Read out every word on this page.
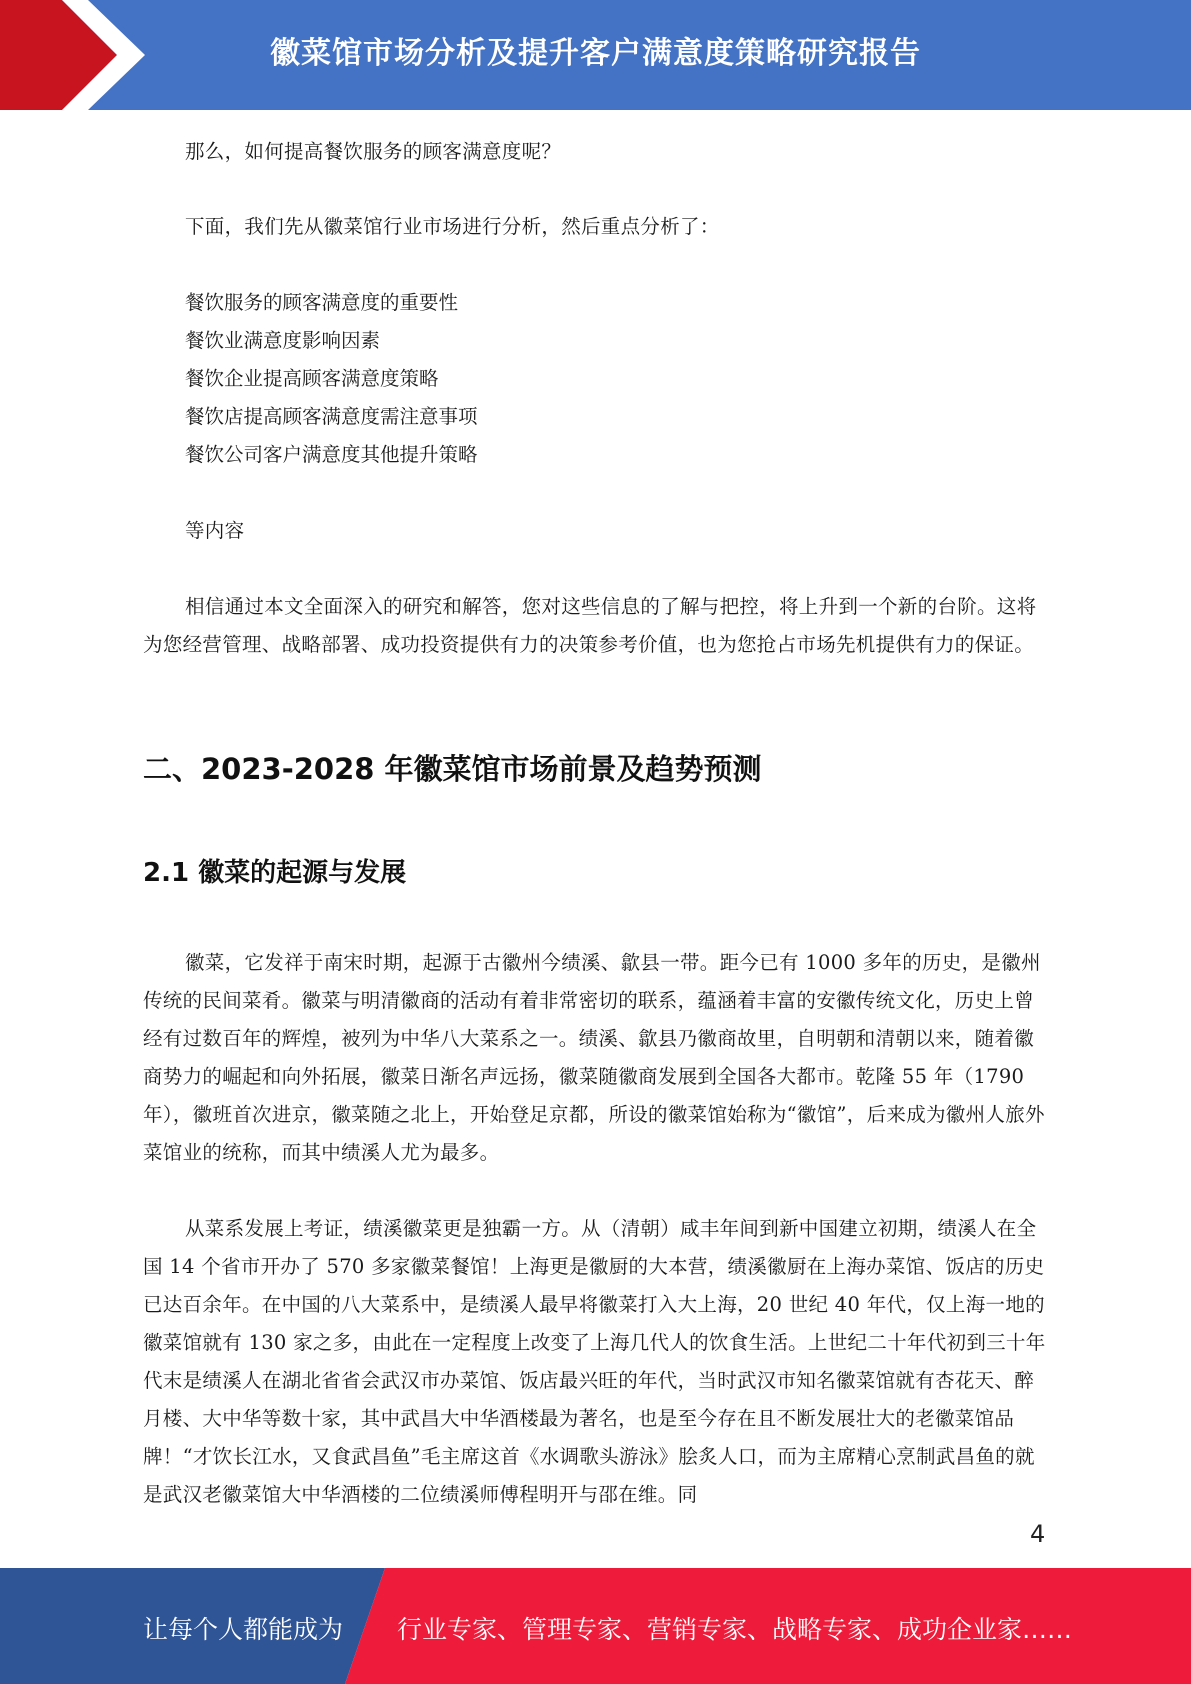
徽菜馆市场分析及提升客户满意度策略研究报告
那么，如何提高餐饮服务的顾客满意度呢？
下面，我们先从徽菜馆行业市场进行分析，然后重点分析了：
餐饮服务的顾客满意度的重要性
餐饮业满意度影响因素
餐饮企业提高顾客满意度策略
餐饮店提高顾客满意度需注意事项
餐饮公司客户满意度其他提升策略
等内容
相信通过本文全面深入的研究和解答，您对这些信息的了解与把控，将上升到一个新的台阶。这将为您经营管理、战略部署、成功投资提供有力的决策参考价值，也为您抢占市场先机提供有力的保证。
二、2023-2028 年徽菜馆市场前景及趋势预测
2.1 徽菜的起源与发展
徽菜，它发祥于南宋时期，起源于古徽州今绩溪、歙县一带。距今已有 1000 多年的历史，是徽州传统的民间菜肴。徽菜与明清徽商的活动有着非常密切的联系，蕴涵着丰富的安徽传统文化，历史上曾经有过数百年的辉煌，被列为中华八大菜系之一。绩溪、歙县乃徽商故里，自明朝和清朝以来，随着徽商势力的崛起和向外拓展，徽菜日渐名声远扬，徽菜随徽商发展到全国各大都市。乾隆 55 年（1790 年），徽班首次进京，徽菜随之北上，开始登足京都，所设的徽菜馆始称为“徽馆”，后来成为徽州人旅外菜馆业的统称，而其中绩溪人尤为最多。
从菜系发展上考证，绩溪徽菜更是独霸一方。从（清朝）咸丰年间到新中国建立初期，绩溪人在全国 14 个省市开办了 570 多家徽菜餐馆！上海更是徽厨的大本营，绩溪徽厨在上海办菜馆、饭店的历史已达百余年。在中国的八大菜系中，是绩溪人最早将徽菜打入大上海，20 世纪 40 年代，仅上海一地的徽菜馆就有 130 家之多，由此在一定程度上改变了上海几代人的饮食生活。上世纪二十年代初到三十年代末是绩溪人在湖北省省会武汉市办菜馆、饭店最兴旺的年代，当时武汉市知名徽菜馆就有杏花天、醉月楼、大中华等数十家，其中武昌大中华酒楼最为著名，也是至今存在且不断发展壮大的老徽菜馆品牌！“才饮长江水，又食武昌鱼”毛主席这首《水调歌头游泳》脍炙人口，而为主席精心烹制武昌鱼的就是武汉老徽菜馆大中华酒楼的二位绩溪师傅程明开与邵在维。同
4
让每个人都能成为 行业专家、管理专家、营销专家、战略专家、成功企业家……
